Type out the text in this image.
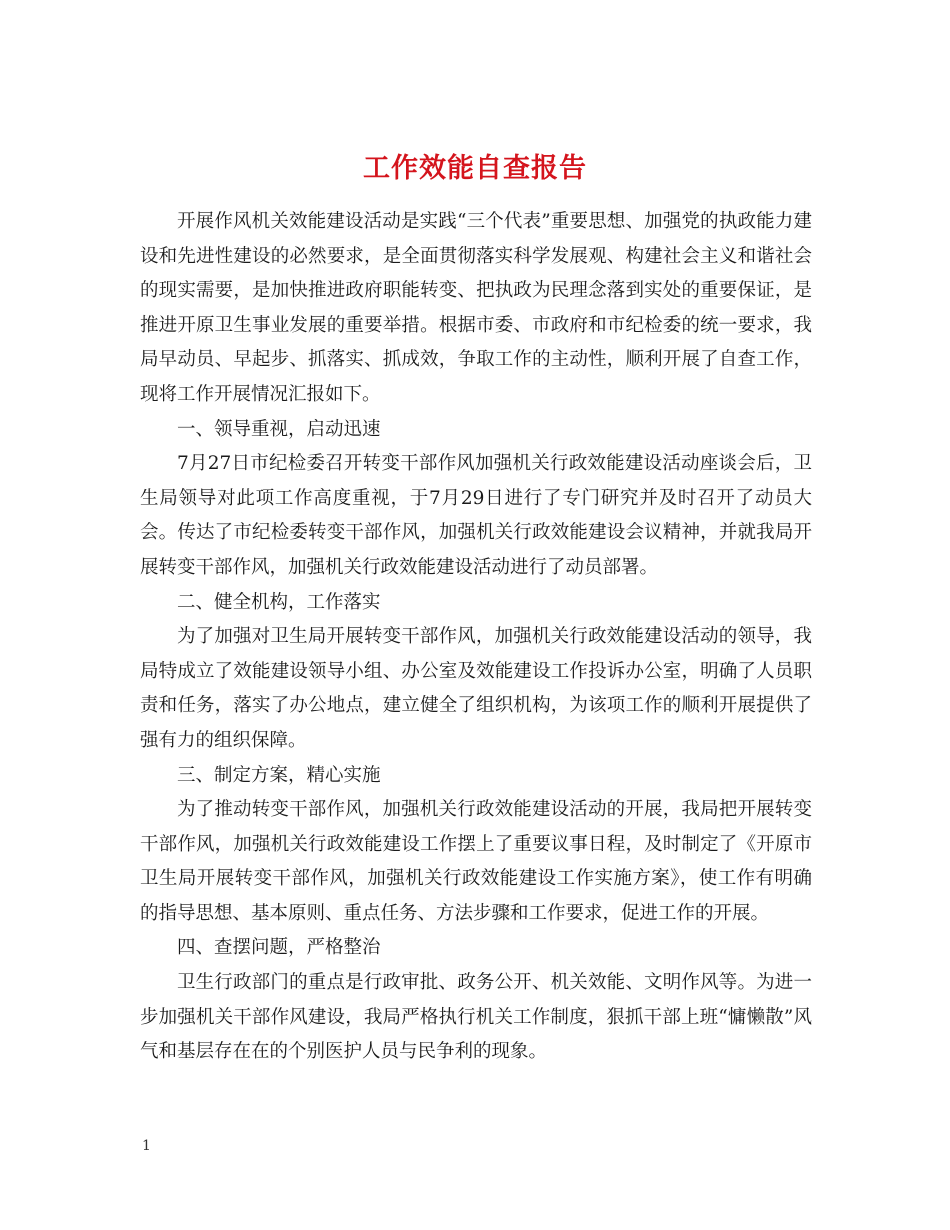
工作效能自查报告

开展作风机关效能建设活动是实践“三个代表”重要思想、加强党的执政能力建设和先进性建设的必然要求，是全面贯彻落实科学发展观、构建社会主义和谐社会的现实需要，是加快推进政府职能转变、把执政为民理念落到实处的重要保证，是推进开原卫生事业发展的重要举措。根据市委、市政府和市纪检委的统一要求，我局早动员、早起步、抓落实、抓成效，争取工作的主动性，顺利开展了自查工作，现将工作开展情况汇报如下。

一、领导重视，启动迅速

7月27日市纪检委召开转变干部作风加强机关行政效能建设活动座谈会后，卫生局领导对此项工作高度重视，于7月29日进行了专门研究并及时召开了动员大会。传达了市纪检委转变干部作风，加强机关行政效能建设会议精神，并就我局开展转变干部作风，加强机关行政效能建设活动进行了动员部署。

二、健全机构，工作落实

为了加强对卫生局开展转变干部作风，加强机关行政效能建设活动的领导，我局特成立了效能建设领导小组、办公室及效能建设工作投诉办公室，明确了人员职责和任务，落实了办公地点，建立健全了组织机构，为该项工作的顺利开展提供了强有力的组织保障。

三、制定方案，精心实施

为了推动转变干部作风，加强机关行政效能建设活动的开展，我局把开展转变干部作风，加强机关行政效能建设工作摆上了重要议事日程，及时制定了《开原市卫生局开展转变干部作风，加强机关行政效能建设工作实施方案》，使工作有明确的指导思想、基本原则、重点任务、方法步骤和工作要求，促进工作的开展。

四、查摆问题，严格整治

卫生行政部门的重点是行政审批、政务公开、机关效能、文明作风等。为进一步加强机关干部作风建设，我局严格执行机关工作制度，狠抓干部上班“慵懒散”风气和基层存在在的个别医护人员与民争利的现象。

1
